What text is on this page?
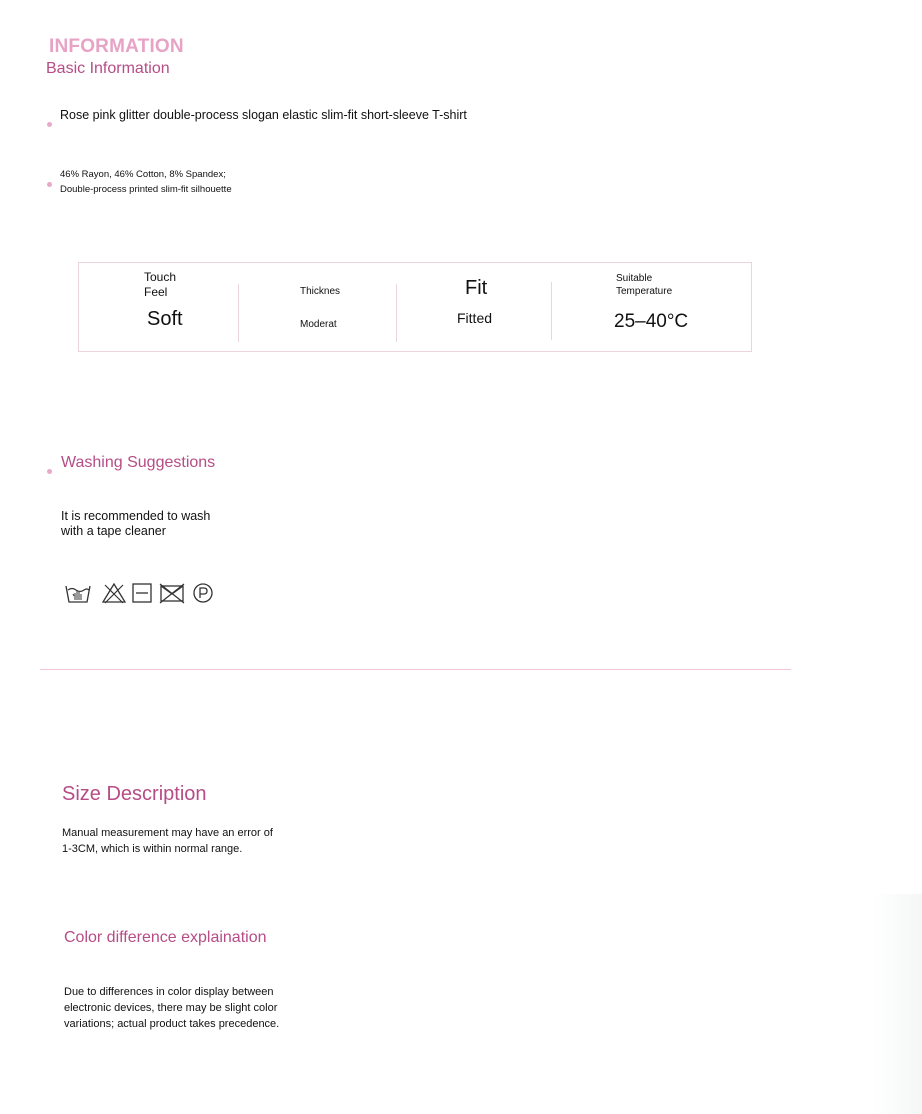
INFORMATION
Basic Information
Rose pink glitter double-process slogan elastic slim-fit short-sleeve T-shirt
46% Rayon, 46% Cotton, 8% Spandex;
Double-process printed slim-fit silhouette
Touch
Feel
Soft
Thicknes
Moderat
Fit
Fitted
Suitable
Temperature
25–40°C
Washing Suggestions
It is recommended to wash
with a tape cleaner
Size Description
Manual measurement may have an error of
1-3CM, which is within normal range.
Color difference explaination
Due to differences in color display between
electronic devices, there may be slight color
variations; actual product takes precedence.
